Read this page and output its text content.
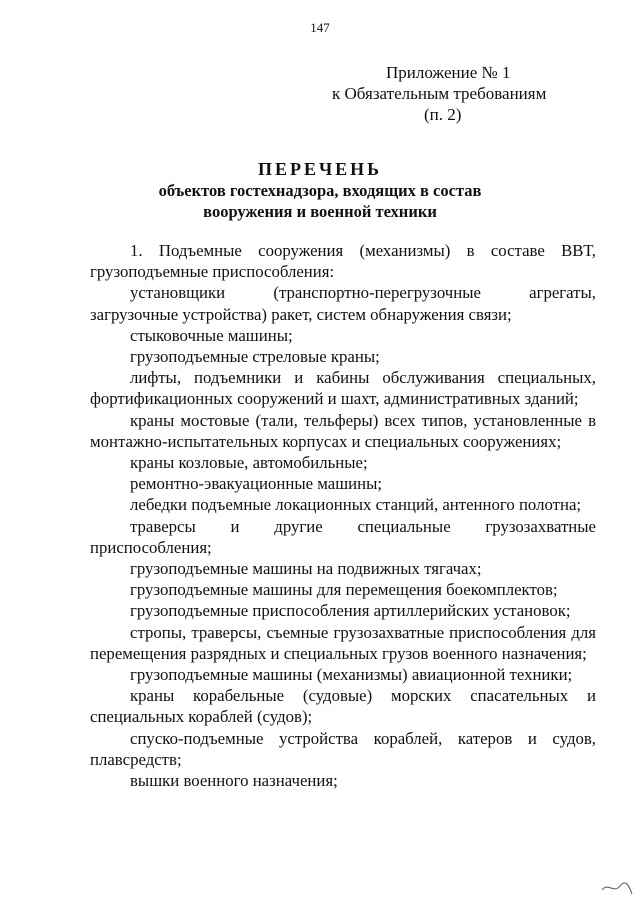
147
Приложение № 1
к Обязательным требованиям
(п. 2)
ПЕРЕЧЕНЬ
объектов гостехнадзора, входящих в состав
вооружения и военной техники

1. Подъемные сооружения (механизмы) в составе ВВТ, грузоподъемные приспособления:

установщики (транспортно-перегрузочные агрегаты, загрузочные устройства) ракет, систем обнаружения связи;

стыковочные машины;

грузоподъемные стреловые краны;

лифты, подъемники и кабины обслуживания специальных, фортификационных сооружений и шахт, административных зданий;

краны мостовые (тали, тельферы) всех типов, установленные в монтажно-испытательных корпусах и специальных сооружениях;

краны козловые, автомобильные;

ремонтно-эвакуационные машины;

лебедки подъемные локационных станций, антенного полотна;

траверсы и другие специальные грузозахватные приспособления;

грузоподъемные машины на подвижных тягачах;

грузоподъемные машины для перемещения боекомплектов;

грузоподъемные приспособления артиллерийских установок;

стропы, траверсы, съемные грузозахватные приспособления для перемещения разрядных и специальных грузов военного назначения;

грузоподъемные машины (механизмы) авиационной техники;

краны корабельные (судовые) морских спасательных и специальных кораблей (судов);

спуско-подъемные устройства кораблей, катеров и судов, плавсредств;

вышки военного назначения;
